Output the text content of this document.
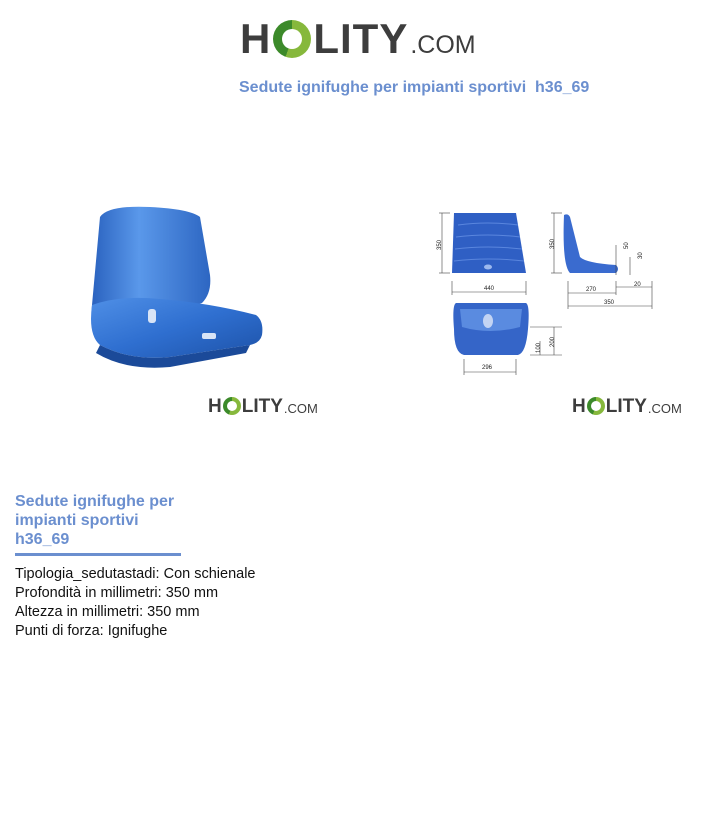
H LITY .COM
Sedute ignifughe per impianti sportivi  h36_69
H LITY .COM
440
350	350	50
30
20
270
350
296
100
200
H LITY .COM
Sedute ignifughe per
impianti sportivi
h36_69
Tipologia_sedutastadi: Con schienale
Profondità in millimetri: 350 mm
Altezza in millimetri: 350 mm
Punti di forza: Ignifughe
